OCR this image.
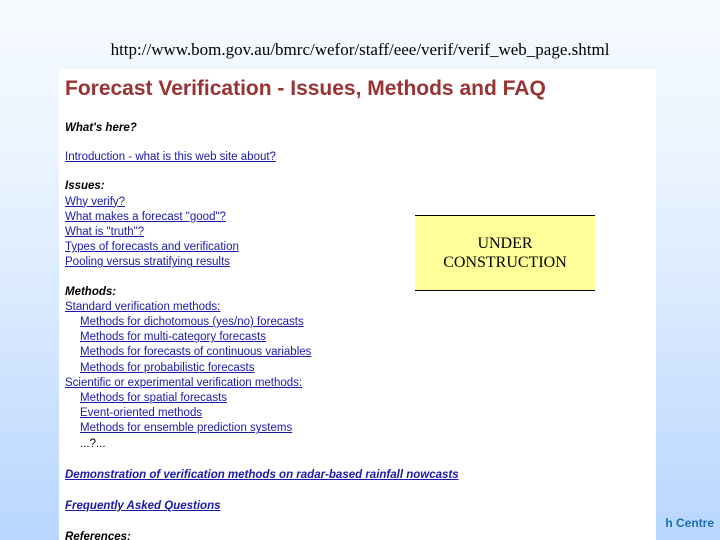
http://www.bom.gov.au/bmrc/wefor/staff/eee/verif/verif_web_page.shtml
Forecast Verification - Issues, Methods and FAQ
What's here?
Introduction - what is this web site about?
Issues:
Why verify?
What makes a forecast "good"?
What is "truth"?
Types of forecasts and verification
Pooling versus stratifying results
Methods:
Standard verification methods:
Methods for dichotomous (yes/no) forecasts
Methods for multi-category forecasts
Methods for forecasts of continuous variables
Methods for probabilistic forecasts
Scientific or experimental verification methods:
Methods for spatial forecasts
Event-oriented methods
Methods for ensemble prediction systems
...?...
Demonstration of verification methods on radar-based rainfall nowcasts
Frequently Asked Questions
References:
UNDER
CONSTRUCTION
h Centre
